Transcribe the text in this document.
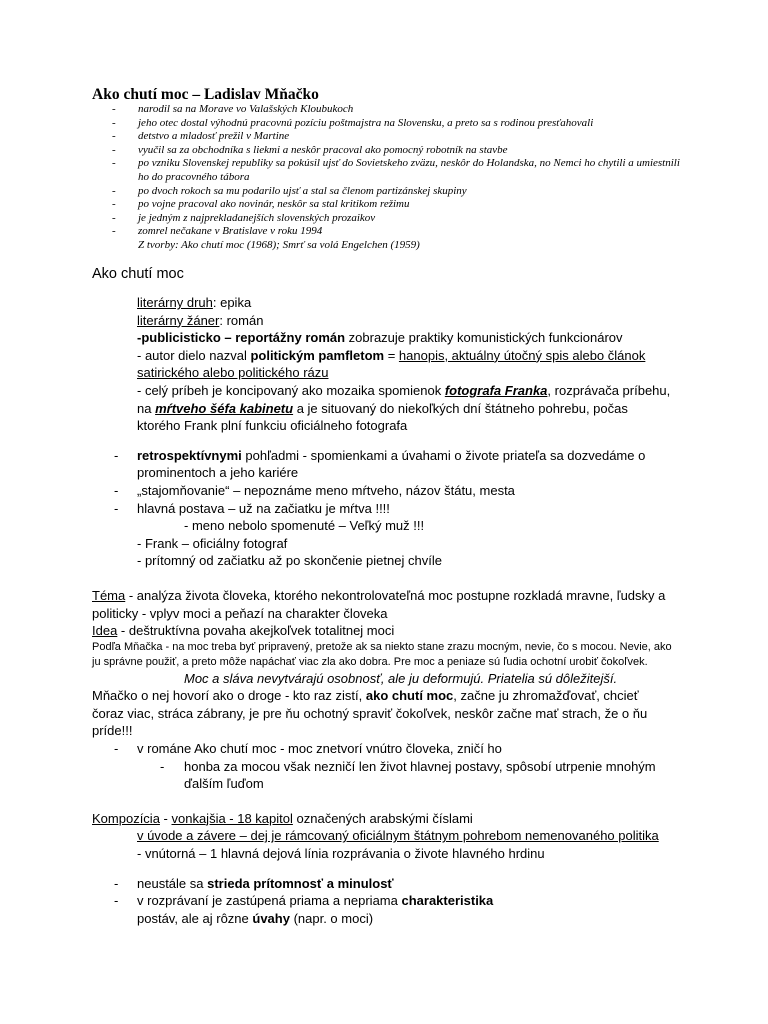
Ako chutí moc – Ladislav Mňačko
- narodil sa na Morave vo Valašských Kloubukoch
- jeho otec dostal výhodnú pracovnú pozíciu poštmajstra na Slovensku, a preto sa s rodinou presťahovali
- detstvo a mladosť prežil v Martine
- vyučil sa za obchodníka s liekmi a neskôr pracoval ako pomocný robotník na stavbe
- po vzniku Slovenskej republiky sa pokúsil ujsť do Sovietskeho zväzu, neskôr do Holandska, no Nemci ho chytili a umiestnili ho do pracovného tábora
- po dvoch rokoch sa mu podarilo ujsť a stal sa členom partizánskej skupiny
- po vojne pracoval ako novinár, neskôr sa stal kritikom režimu
- je jedným z najprekladanejších slovenských prozaikov
- zomrel nečakane v Bratislave v roku 1994
Z tvorby: Ako chutí moc (1968); Smrť sa volá Engelchen (1959)
Ako chutí moc
literárny druh: epika
literárny žáner: román
-publicisticko – reportážny román zobrazuje praktiky komunistických funkcionárov
- autor dielo nazval politickým pamfletom = hanopis, aktuálny útočný spis alebo článok satirického alebo politického rázu
- celý príbeh je koncipovaný ako mozaika spomienok fotografa Franka, rozprávača príbehu, na mŕtveho šéfa kabinetu a je situovaný do niekoľkých dní štátneho pohrebu, počas ktorého Frank plní funkciu oficiálneho fotografa
- retrospektívnymi pohľadmi - spomienkami a úvahami o živote priateľa sa dozvedáme o prominentoch a jeho kariére
- „stajomňovanie“ – nepoznáme meno mŕtveho, názov štátu, mesta
- hlavná postava – už na začiatku je mŕtva !!!!
- meno nebolo spomenuté – Veľký muž !!!
- Frank – oficiálny fotograf
- prítomný od začiatku až po skončenie pietnej chvíle
Téma - analýza života človeka, ktorého nekontrolovateľná moc postupne rozkladá mravne, ľudsky a politicky - vplyv moci a peňazí na charakter človeka
Idea - deštruktívna povaha akejkoľvek totalitnej moci
Podľa Mňačka - na moc treba byť pripravený, pretože ak sa niekto stane zrazu mocným, nevie, čo s mocou. Nevie, ako ju správne použiť, a preto môže napáchať viac zla ako dobra. Pre moc a peniaze sú ľudia ochotní urobiť čokoľvek.
Moc a sláva nevytvárajú osobnosť, ale ju deformujú. Priatelia sú dôležitejší.
Mňačko o nej hovorí ako o droge - kto raz zistí, ako chutí moc, začne ju zhromažďovať, chcieť čoraz viac, stráca zábrany, je pre ňu ochotný spraviť čokoľvek, neskôr začne mať strach, že o ňu príde!!!
- v románe Ako chutí moc - moc znetvorí vnútro človeka, zničí ho
- honba za mocou však nezničí len život hlavnej postavy, spôsobí utrpenie mnohým ďalším ľuďom
Kompozícia - vonkajšia - 18 kapitol označených arabskými číslami
v úvode a závere – dej je rámcovaný oficiálnym štátnym pohrebom nemenovaného politika
- vnútorná – 1 hlavná dejová línia rozprávania o živote hlavného hrdinu
- neustále sa strieda prítomnosť a minulosť
- v rozprávaní je zastúpená priama a nepriama charakteristika postáv, ale aj rôzne úvahy (napr. o moci)
